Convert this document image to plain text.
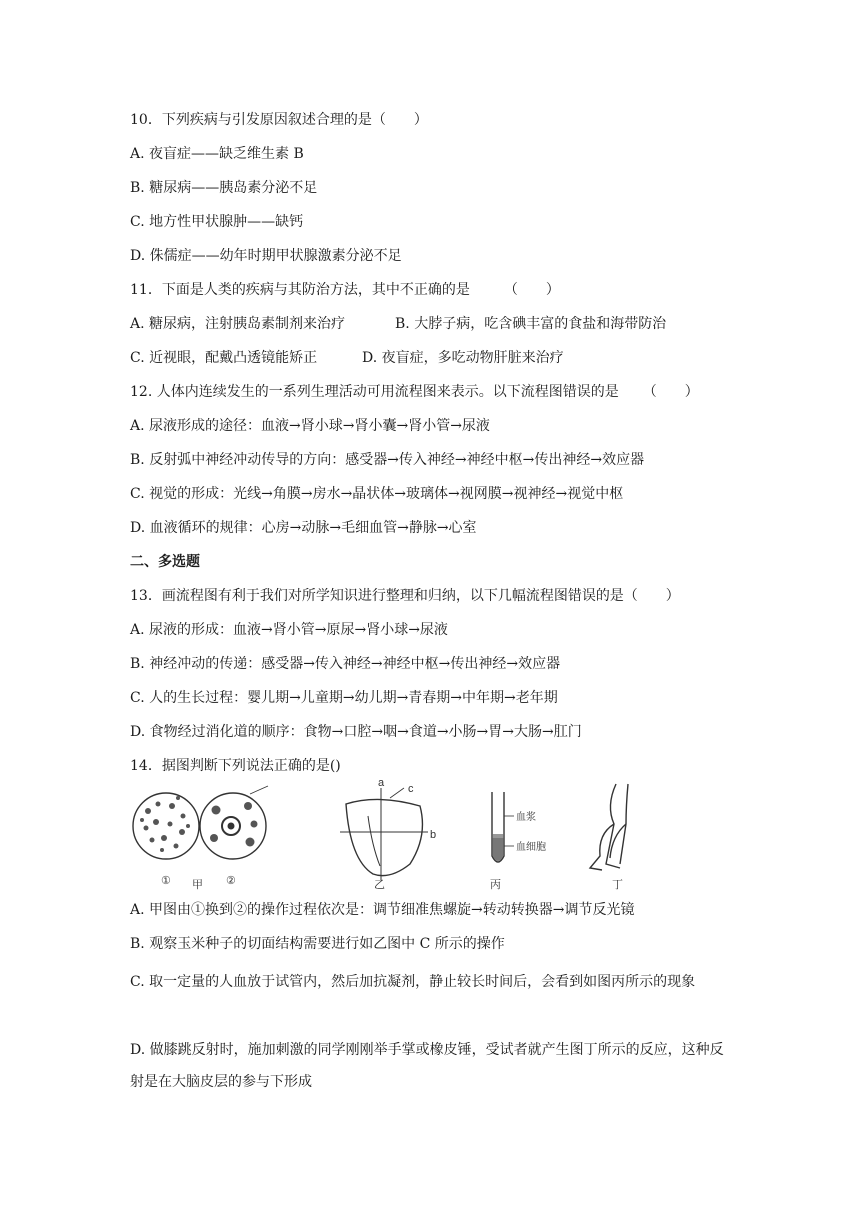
10．下列疾病与引发原因叙述合理的是（　　）
A. 夜盲症——缺乏维生素 B
B. 糖尿病——胰岛素分泌不足
C. 地方性甲状腺肿——缺钙
D. 侏儒症——幼年时期甲状腺激素分泌不足
11．下面是人类的疾病与其防治方法，其中不正确的是 （　　）
A. 糖尿病，注射胰岛素制剂来治疗	B. 大脖子病，吃含碘丰富的食盐和海带防治
C. 近视眼，配戴凸透镜能矫正	D. 夜盲症，多吃动物肝脏来治疗
12. 人体内连续发生的一系列生理活动可用流程图来表示。以下流程图错误的是 （　　）
A. 尿液形成的途径：血液→肾小球→肾小囊→肾小管→尿液
B. 反射弧中神经冲动传导的方向：感受器→传入神经→神经中枢→传出神经→效应器
C. 视觉的形成：光线→角膜→房水→晶状体→玻璃体→视网膜→视神经→视觉中枢
D. 血液循环的规律：心房→动脉→毛细血管→静脉→心室
二、多选题
13．画流程图有利于我们对所学知识进行整理和归纳，以下几幅流程图错误的是（　　）
A. 尿液的形成：血液→肾小管→原尿→肾小球→尿液
B. 神经冲动的传递：感受器→传入神经→神经中枢→传出神经→效应器
C. 人的生长过程：婴儿期→儿童期→幼儿期→青春期→中年期→老年期
D. 食物经过消化道的顺序：食物→口腔→咽→食道→小肠→胃→大肠→肛门
14．据图判断下列说法正确的是()
①	②
甲
a c
b
乙
血浆
血细胞
丙	丁
A. 甲图由①换到②的操作过程依次是：调节细准焦螺旋→转动转换器→调节反光镜
B. 观察玉米种子的切面结构需要进行如乙图中 C 所示的操作
C. 取一定量的人血放于试管内，然后加抗凝剂，静止较长时间后，会看到如图丙所示的现象
D. 做膝跳反射时，施加刺激的同学刚刚举手掌或橡皮锤，受试者就产生图丁所示的反应，这种反射是在大脑皮层的参与下形成
